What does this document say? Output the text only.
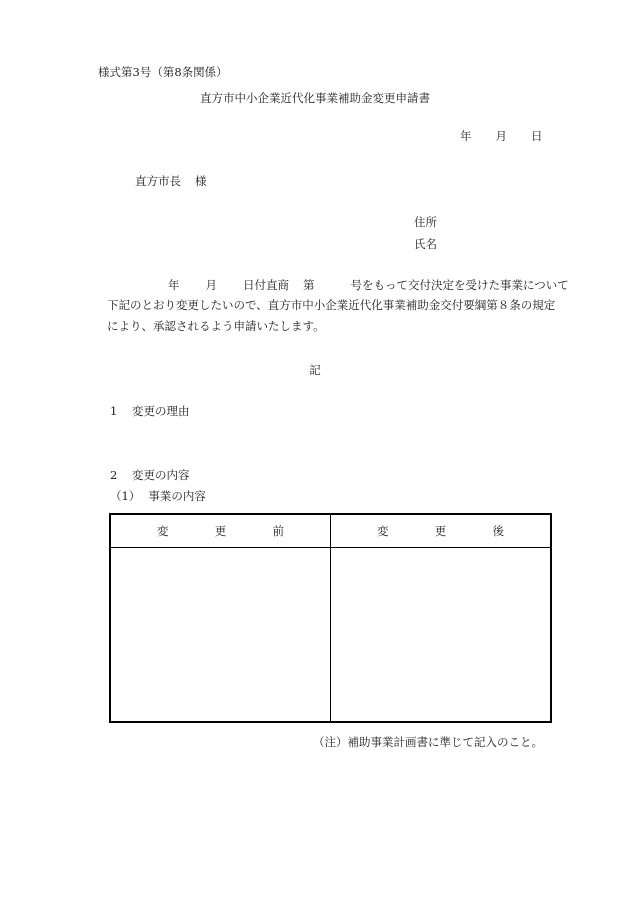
様式第3号（第8条関係）
直方市中小企業近代化事業補助金変更申請書
年 月 日
直方市長 様
住所
氏名
年 月 日付直商 第	号をもって交付決定を受けた事業について
下記のとおり変更したいので、直方市中小企業近代化事業補助金交付要綱第８条の規定
により、承認されるよう申請いたします。
記
1 変更の理由
2 変更の内容
（1） 事業の内容
変 更 前	変 更 後

（注）補助事業計画書に準じて記入のこと。
